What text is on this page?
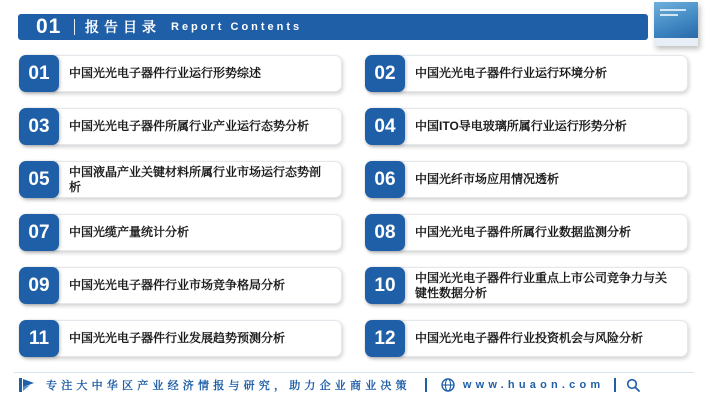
01	报告目录 Report Contents
01	中国光光电子器件行业运行形势综述	02	中国光光电子器件行业运行环境分析
03	中国光光电子器件所属行业产业运行态势分析	04	中国ITO导电玻璃所属行业运行形势分析
05	中国液晶产业关键材料所属行业市场运行态势剖析	06	中国光纤市场应用情况透析
07	中国光缆产量统计分析	08	中国光光电子器件所属行业数据监测分析
09	中国光光电子器件行业市场竞争格局分析	10	中国光光电子器件行业重点上市公司竞争力与关键性数据分析
11	中国光光电子器件行业发展趋势预测分析	12	中国光光电子器件行业投资机会与风险分析
专注大中华区产业经济情报与研究，助力企业商业决策	www.huaon.com
